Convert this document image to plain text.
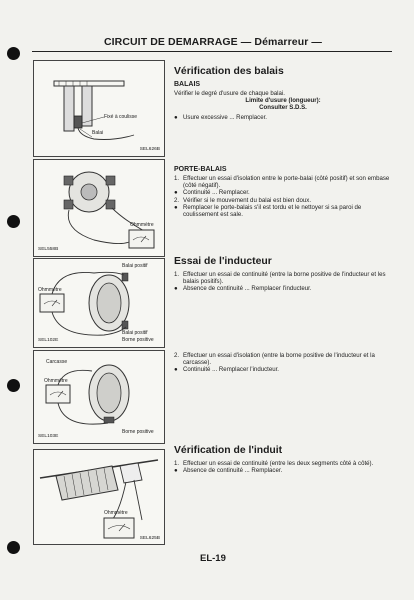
CIRCUIT DE DEMARRAGE — Démarreur —
Fixé à coulisse
Balai
SEL626B
Ohmmètre
SEL558B
Balai positif
Ohmmètre
Balai positif
Borne positive
SEL102E
Carcasse
Ohmmètre
Borne positive
SEL103E
Ohmmètre
SEL625B
Vérification des balais
BALAIS
Vérifier le degré d'usure de chaque balai.
Limite d'usure (longueur):
Consulter S.D.S.
● Usure excessive ... Remplacer.
PORTE-BALAIS
1. Effectuer un essai d'isolation entre le porte-balai (côté positif) et son embase (côté négatif).
● Continuité ... Remplacer.
2. Vérifier si le mouvement du balai est bien doux.
● Remplacer le porte-balais s'il est tordu et le nettoyer si sa paroi de coulissement est sale.
Essai de l'inducteur
1. Effectuer un essai de continuité (entre la borne positive de l'inducteur et les balais positifs).
● Absence de continuité ... Remplacer l'inducteur.
2. Effectuer un essai d'isolation (entre la borne positive de l'inducteur et la carcasse).
● Continuité ... Remplacer l'inducteur.
Vérification de l'induit
1. Effectuer un essai de continuité (entre les deux segments côté à côté).
● Absence de continuité ... Remplacer.
EL-19
